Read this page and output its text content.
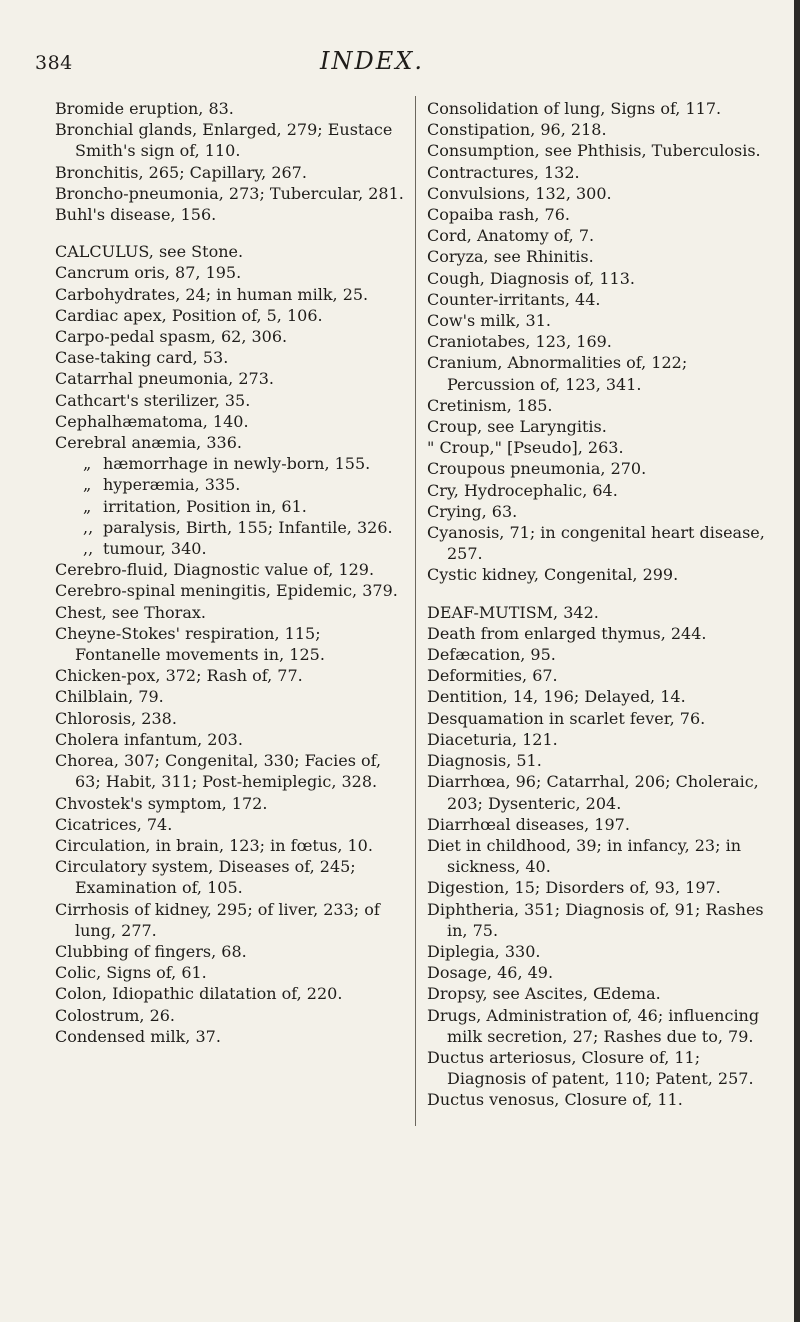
384	INDEX.
Bromide eruption, 83.
Bronchial glands, Enlarged, 279; Eustace Smith's sign of, 110.
Bronchitis, 265; Capillary, 267.
Broncho-pneumonia, 273; Tubercular, 281.
Buhl's disease, 156.
CALCULUS, see Stone.
Cancrum oris, 87, 195.
Carbohydrates, 24; in human milk, 25.
Cardiac apex, Position of, 5, 106.
Carpo-pedal spasm, 62, 306.
Case-taking card, 53.
Catarrhal pneumonia, 273.
Cathcart's sterilizer, 35.
Cephalhæmatoma, 140.
Cerebral anæmia, 336.
„ hæmorrhage in newly-born, 155.
„ hyperæmia, 335.
„ irritation, Position in, 61.
,, paralysis, Birth, 155; Infantile, 326.
,, tumour, 340.
Cerebro-fluid, Diagnostic value of, 129.
Cerebro-spinal meningitis, Epidemic, 379.
Chest, see Thorax.
Cheyne-Stokes' respiration, 115; Fontanelle movements in, 125.
Chicken-pox, 372; Rash of, 77.
Chilblain, 79.
Chlorosis, 238.
Cholera infantum, 203.
Chorea, 307; Congenital, 330; Facies of, 63; Habit, 311; Post-hemiplegic, 328.
Chvostek's symptom, 172.
Cicatrices, 74.
Circulation, in brain, 123; in fœtus, 10.
Circulatory system, Diseases of, 245; Examination of, 105.
Cirrhosis of kidney, 295; of liver, 233; of lung, 277.
Clubbing of fingers, 68.
Colic, Signs of, 61.
Colon, Idiopathic dilatation of, 220.
Colostrum, 26.
Condensed milk, 37.
Consolidation of lung, Signs of, 117.
Constipation, 96, 218.
Consumption, see Phthisis, Tuberculosis.
Contractures, 132.
Convulsions, 132, 300.
Copaiba rash, 76.
Cord, Anatomy of, 7.
Coryza, see Rhinitis.
Cough, Diagnosis of, 113.
Counter-irritants, 44.
Cow's milk, 31.
Craniotabes, 123, 169.
Cranium, Abnormalities of, 122; Percussion of, 123, 341.
Cretinism, 185.
Croup, see Laryngitis.
" Croup," [Pseudo], 263.
Croupous pneumonia, 270.
Cry, Hydrocephalic, 64.
Crying, 63.
Cyanosis, 71; in congenital heart disease, 257.
Cystic kidney, Congenital, 299.
DEAF-MUTISM, 342.
Death from enlarged thymus, 244.
Defæcation, 95.
Deformities, 67.
Dentition, 14, 196; Delayed, 14.
Desquamation in scarlet fever, 76.
Diaceturia, 121.
Diagnosis, 51.
Diarrhœa, 96; Catarrhal, 206; Choleraic, 203; Dysenteric, 204.
Diarrhœal diseases, 197.
Diet in childhood, 39; in infancy, 23; in sickness, 40.
Digestion, 15; Disorders of, 93, 197.
Diphtheria, 351; Diagnosis of, 91; Rashes in, 75.
Diplegia, 330.
Dosage, 46, 49.
Dropsy, see Ascites, Œdema.
Drugs, Administration of, 46; influencing milk secretion, 27; Rashes due to, 79.
Ductus arteriosus, Closure of, 11; Diagnosis of patent, 110; Patent, 257.
Ductus venosus, Closure of, 11.
